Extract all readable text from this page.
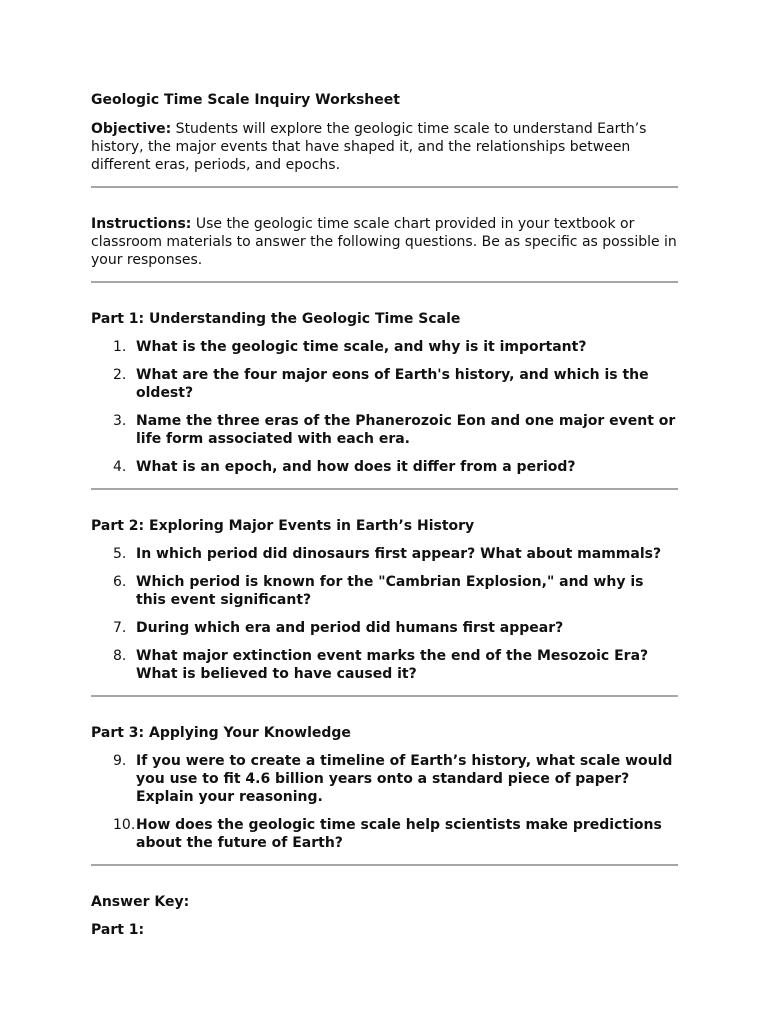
Geologic Time Scale Inquiry Worksheet

Objective: Students will explore the geologic time scale to understand Earth’s history, the major events that have shaped it, and the relationships between different eras, periods, and epochs.

Instructions: Use the geologic time scale chart provided in your textbook or classroom materials to answer the following questions. Be as specific as possible in your responses.

Part 1: Understanding the Geologic Time Scale
1. What is the geologic time scale, and why is it important?
2. What are the four major eons of Earth's history, and which is the oldest?
3. Name the three eras of the Phanerozoic Eon and one major event or life form associated with each era.
4. What is an epoch, and how does it differ from a period?
Part 2: Exploring Major Events in Earth’s History
5. In which period did dinosaurs first appear? What about mammals?
6. Which period is known for the "Cambrian Explosion," and why is this event significant?
7. During which era and period did humans first appear?
8. What major extinction event marks the end of the Mesozoic Era? What is believed to have caused it?
Part 3: Applying Your Knowledge
9. If you were to create a timeline of Earth’s history, what scale would you use to fit 4.6 billion years onto a standard piece of paper? Explain your reasoning.
10. How does the geologic time scale help scientists make predictions about the future of Earth?
Answer Key:
Part 1:
